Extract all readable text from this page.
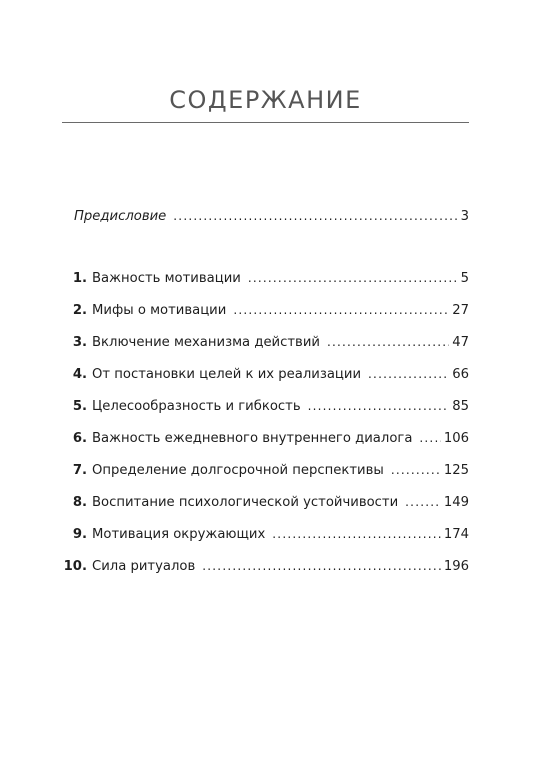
СОДЕРЖАНИЕ
Предисловие .....	3
1. Важность мотивации .....	5
2. Мифы о мотивации .....	27
3. Включение механизма действий .....	47
4. От постановки целей к их реализации .....	66
5. Целесообразность и гибкость .....	85
6. Важность ежедневного внутреннего диалога ..... 106
7. Определение долгосрочной перспективы .....	125
8. Воспитание психологической устойчивости .....	149
9. Мотивация окружающих .....	174
10. Сила ритуалов .....	196
